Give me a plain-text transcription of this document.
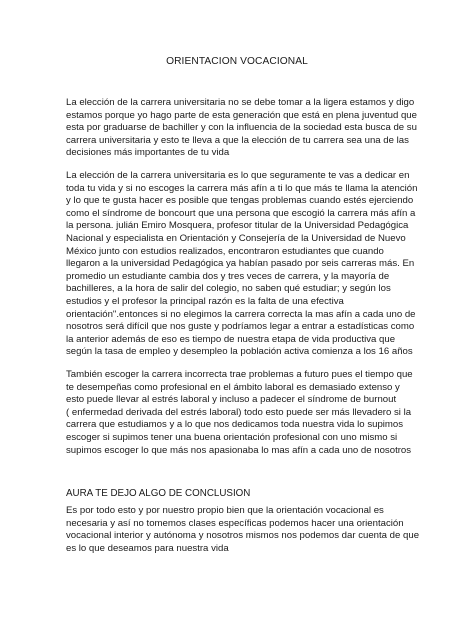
ORIENTACION VOCACIONAL

La elección de la carrera universitaria no se debe tomar a la ligera estamos y digo
estamos porque yo hago parte de esta generación que está en plena juventud que
esta por graduarse de bachiller y con la influencia de la sociedad esta busca de su
carrera universitaria y esto te lleva a que la elección de tu carrera sea una de las
decisiones más importantes de tu vida

La elección de la carrera universitaria es lo que seguramente te vas a dedicar en
toda tu vida y si no escoges la carrera más afín a ti lo que más te llama la atención
y lo que te gusta hacer es posible que tengas problemas cuando estés ejerciendo
como el síndrome de boncourt que una persona que escogió la carrera más afín a
la persona. julián Emiro Mosquera, profesor titular de la Universidad Pedagógica
Nacional y especialista en Orientación y Consejería de la Universidad de Nuevo
México junto con estudios realizados, encontraron estudiantes que cuando
llegaron a la universidad Pedagógica ya habían pasado por seis carreras más. En
promedio un estudiante cambia dos y tres veces de carrera, y la mayoría de
bachilleres, a la hora de salir del colegio, no saben qué estudiar; y según los
estudios y el profesor la principal razón es la falta de una efectiva
orientación".entonces si no elegimos la carrera correcta la mas afín a cada uno de
nosotros será difícil que nos guste y podríamos legar a entrar a estadísticas como
la anterior además de eso es tiempo de nuestra etapa de vida productiva que
según la tasa de empleo y desempleo la población activa comienza a los 16 años

También escoger la carrera incorrecta trae problemas a futuro pues el tiempo que
te desempeñas como profesional en el ámbito laboral es demasiado extenso y
esto puede llevar al estrés laboral y incluso a padecer el síndrome de burnout
( enfermedad derivada del estrés laboral) todo esto puede ser más llevadero si la
carrera que estudiamos y a lo que nos dedicamos toda nuestra vida lo supimos
escoger si supimos tener una buena orientación profesional con uno mismo si
supimos escoger lo que más nos apasionaba lo mas afín a cada uno de nosotros

AURA TE DEJO ALGO DE CONCLUSION

Es por todo esto y por nuestro propio bien que la orientación vocacional es
necesaria y así no tomemos clases específicas podemos hacer una orientación
vocacional interior y autónoma y nosotros mismos nos podemos dar cuenta de que
es lo que deseamos para nuestra vida
